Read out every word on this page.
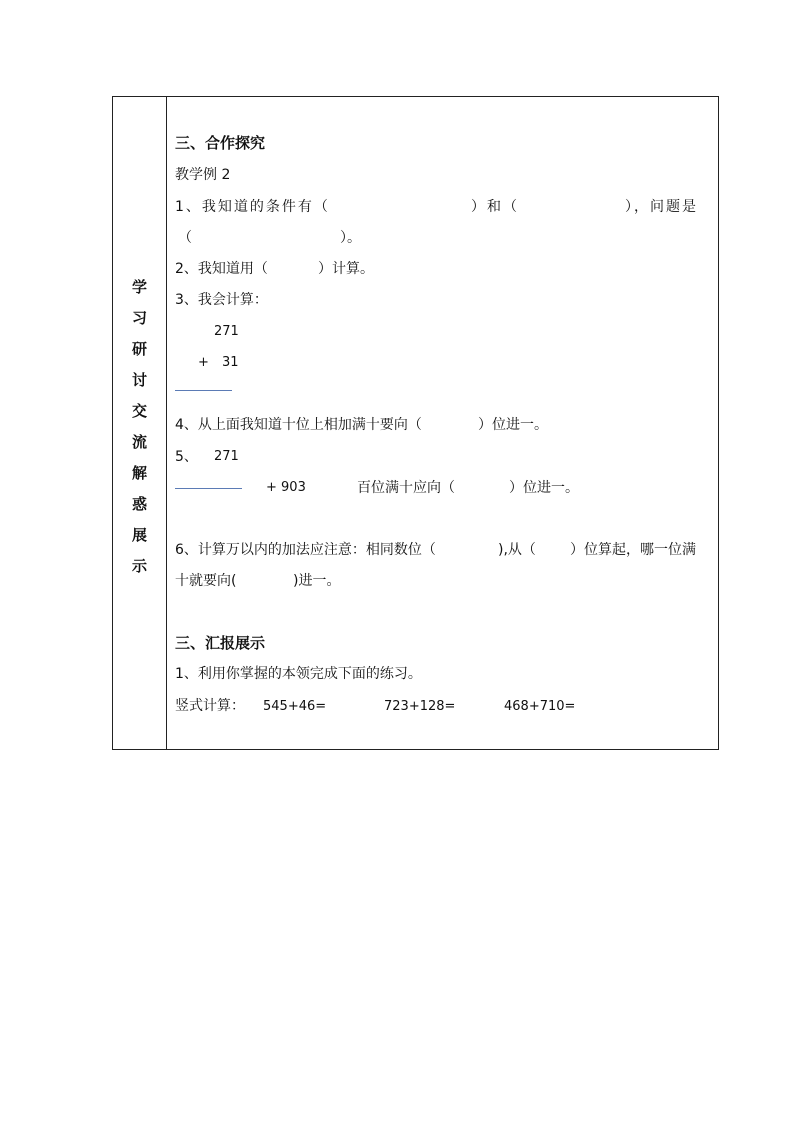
学
习
研
讨
交
流
解
惑
展
示
三、合作探究
教学例 2
1、我知道的条件有（	）和（	），问题是
（	）。
2、我知道用（	）计算。
3、我会计算：
271
+ 31
4、从上面我知道十位上相加满十要向（	）位进一。
5、 271
+ 903	百位满十应向（	）位进一。
6、计算万以内的加法应注意：相同数位（	),从（ ）位算起，哪一位满
十就要向(	)进一。
三、汇报展示
1、利用你掌握的本领完成下面的练习。
竖式计算： 545+46=	723+128=	468+710=
